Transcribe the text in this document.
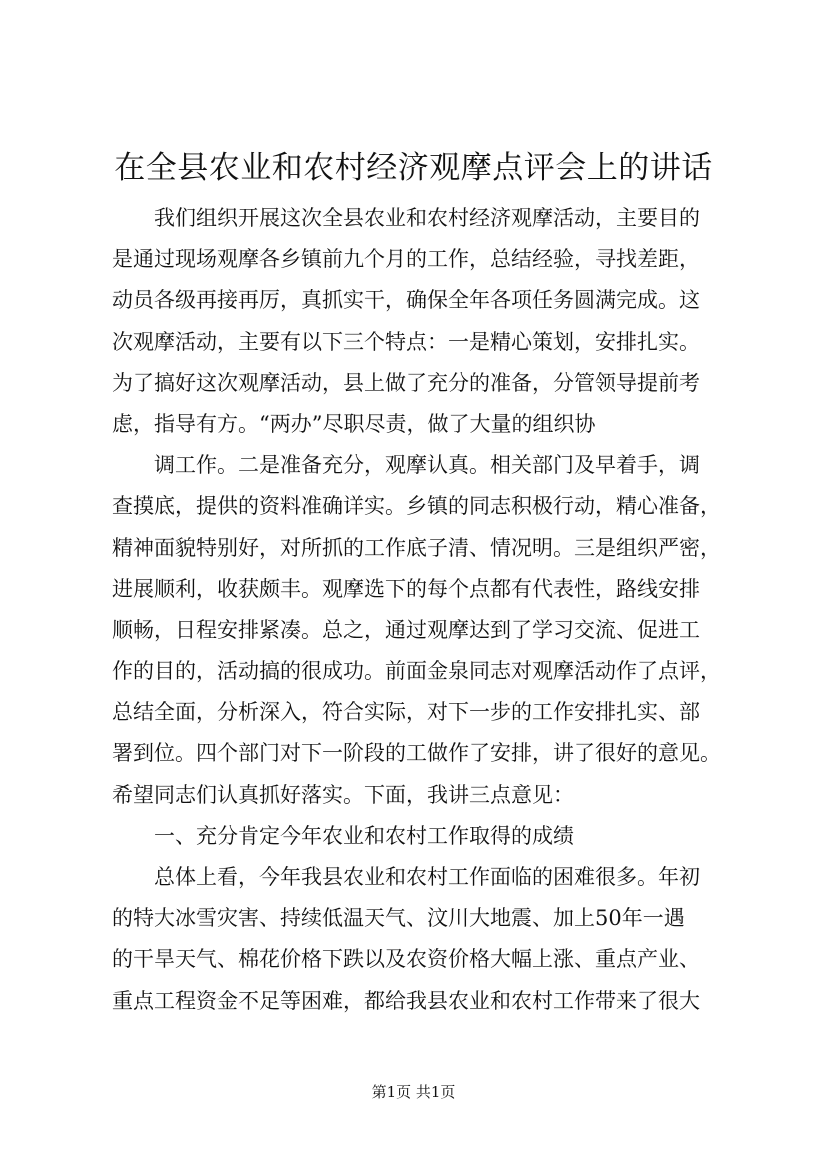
在全县农业和农村经济观摩点评会上的讲话
我们组织开展这次全县农业和农村经济观摩活动，主要目的
是通过现场观摩各乡镇前九个月的工作，总结经验，寻找差距，
动员各级再接再厉，真抓实干，确保全年各项任务圆满完成。这
次观摩活动，主要有以下三个特点：一是精心策划，安排扎实。
为了搞好这次观摩活动，县上做了充分的准备，分管领导提前考
虑，指导有方。“两办”尽职尽责，做了大量的组织协
调工作。二是准备充分，观摩认真。相关部门及早着手，调
查摸底，提供的资料准确详实。乡镇的同志积极行动，精心准备，
精神面貌特别好，对所抓的工作底子清、情况明。三是组织严密，
进展顺利，收获颇丰。观摩选下的每个点都有代表性，路线安排
顺畅，日程安排紧凑。总之，通过观摩达到了学习交流、促进工
作的目的，活动搞的很成功。前面金泉同志对观摩活动作了点评，
总结全面，分析深入，符合实际，对下一步的工作安排扎实、部
署到位。四个部门对下一阶段的工做作了安排，讲了很好的意见。
希望同志们认真抓好落实。下面，我讲三点意见：
一、充分肯定今年农业和农村工作取得的成绩
总体上看，今年我县农业和农村工作面临的困难很多。年初
的特大冰雪灾害、持续低温天气、汶川大地震、加上50年一遇
的干旱天气、棉花价格下跌以及农资价格大幅上涨、重点产业、
重点工程资金不足等困难，都给我县农业和农村工作带来了很大
第1页 共1页
